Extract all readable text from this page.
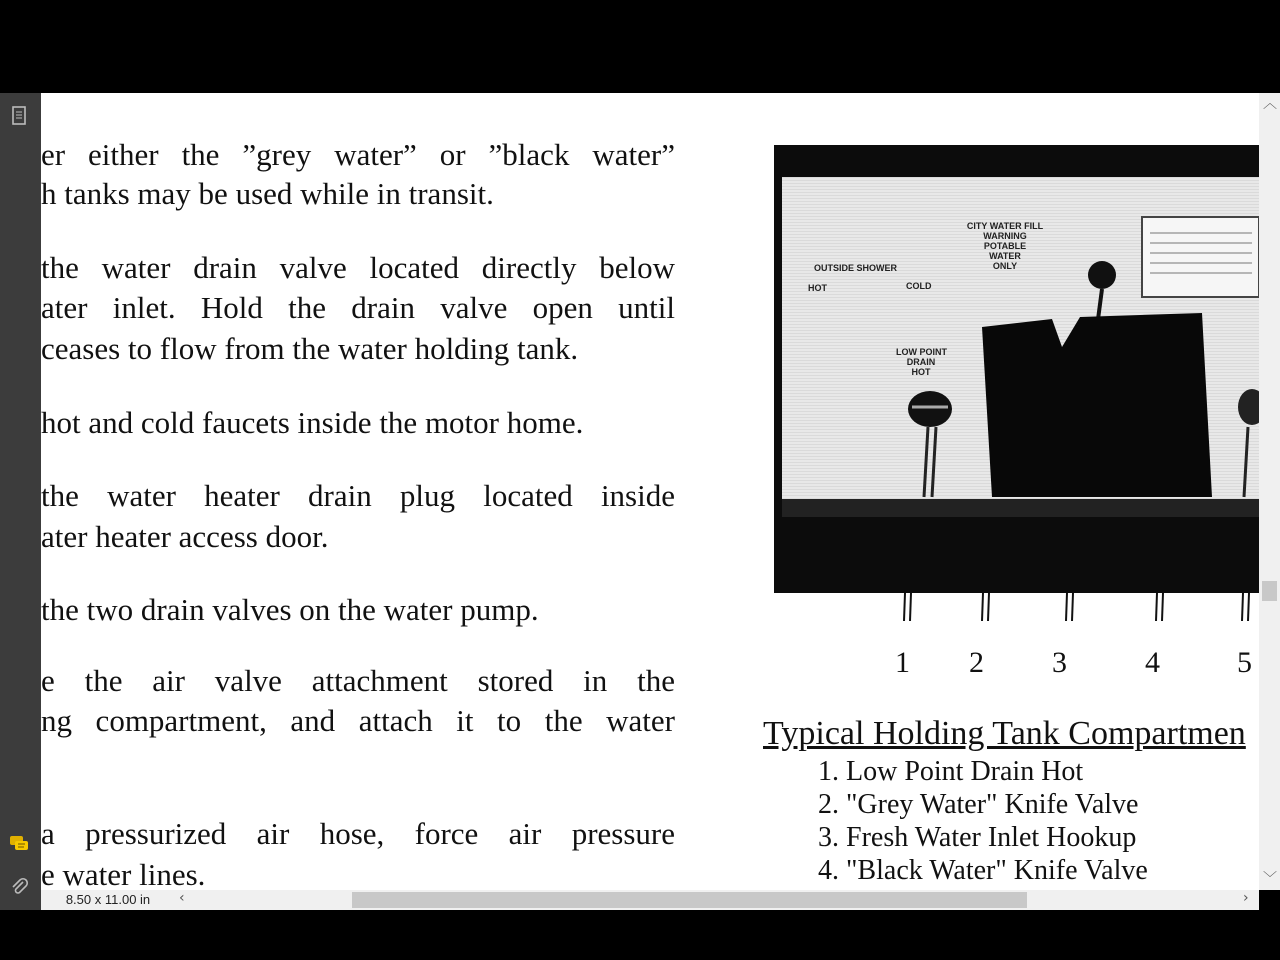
er either the ”grey water” or ”black water”
h tanks may be used while in transit.
the water drain valve located directly below
ater inlet. Hold the drain valve open until
ceases to flow from the water holding tank.
hot and cold faucets inside the motor home.
the water heater drain plug located inside
ater heater access door.
the two drain valves on the water pump.
e the air valve attachment stored in the
ng compartment, and attach it to the water
a pressurized air hose, force air pressure
e water lines.
OUTSIDE SHOWER
HOT	COLD
CITY WATER FILL
WARNING
POTABLE
WATER
ONLY
LOW POINT
DRAIN
HOT
1 2 3	4	5
Typical Holding Tank Compartmen
1. Low Point Drain Hot
2. "Grey Water" Knife Valve
3. Fresh Water Inlet Hookup
4. "Black Water" Knife Valve
︿
﹀
8.50 x 11.00 in	‹	›
